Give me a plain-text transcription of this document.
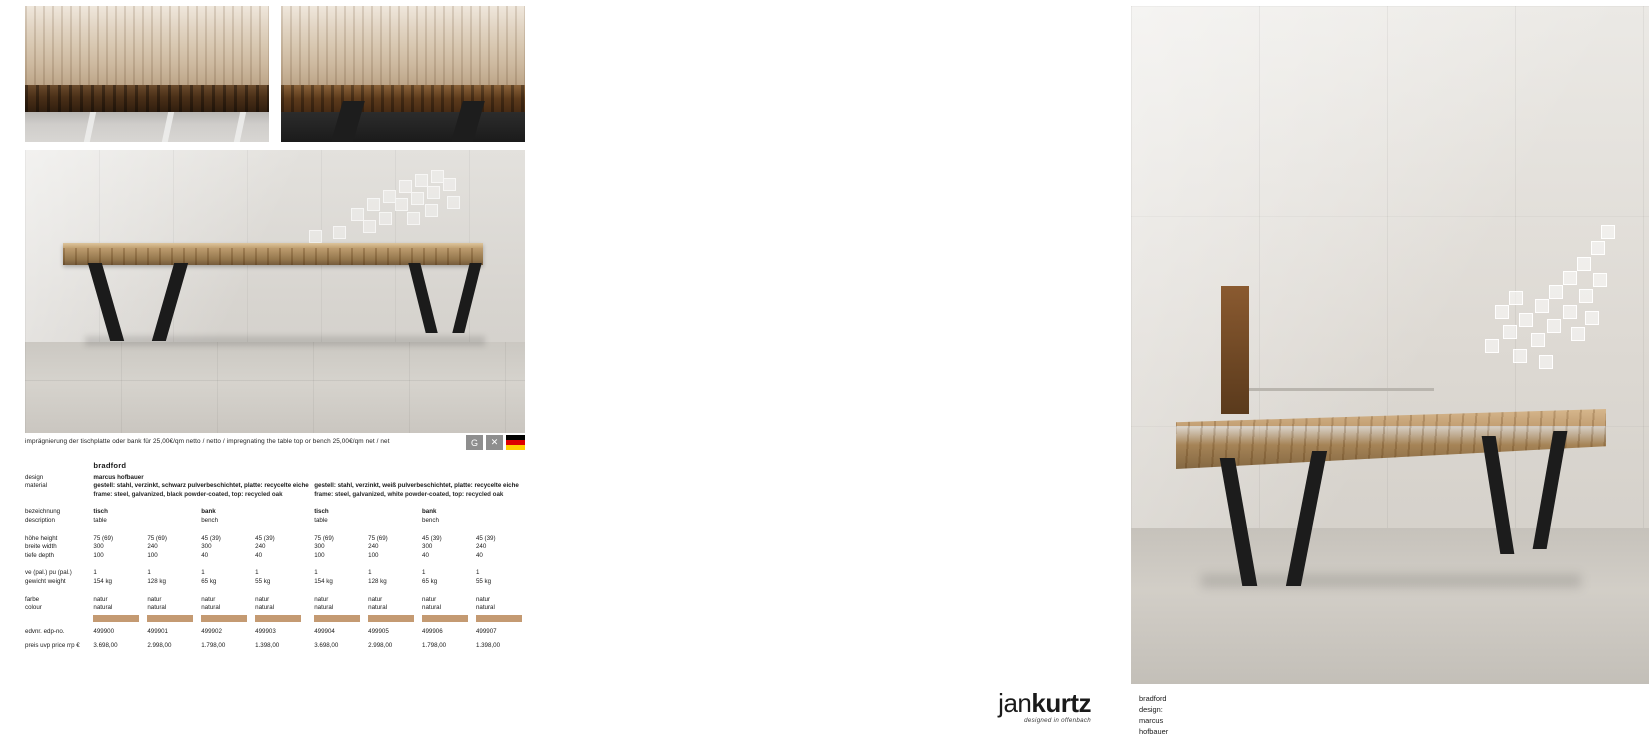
imprägnierung der tischplatte oder bank für 25,00€/qm netto / netto / impregnating the table top or bench 25,00€/qm net / net	G	✕
	bradford								
design	marcus hofbauer								
material	gestell: stahl, verzinkt, schwarz pulverbeschichtet, platte: recycelte eiche					gestell: stahl, verzinkt, weiß pulverbeschichtet, platte: recycelte eiche			
	frame: steel, galvanized, black powder-coated, top: recycled oak					frame: steel, galvanized, white powder-coated, top: recycled oak			

bezeichnung	tisch		bank			tisch		bank	
description	table		bench			table		bench	

höhe height	75 (69)	75 (69)	45 (39)	45 (39)		75 (69)	75 (69)	45 (39)	45 (39)
breite width	300	240	300	240		300	240	300	240
tiefe depth	100	100	40	40		100	100	40	40

ve (pal.) pu (pal.)	1	1	1	1		1	1	1	1
gewicht weight	154 kg	128 kg	65 kg	55 kg		154 kg	128 kg	65 kg	55 kg

farbe	natur	natur	natur	natur		natur	natur	natur	natur
colour	natural	natural	natural	natural		natural	natural	natural	natural

edvnr. edp-no.	499900	499901	499902	499903		499904	499905	499906	499907

preis uvp price rrp €	3.698,00	2.998,00	1.798,00	1.398,00		3.698,00	2.998,00	1.798,00	1.398,00
bradford
design: marcus hofbauer
jankurtz
designed in offenbach
